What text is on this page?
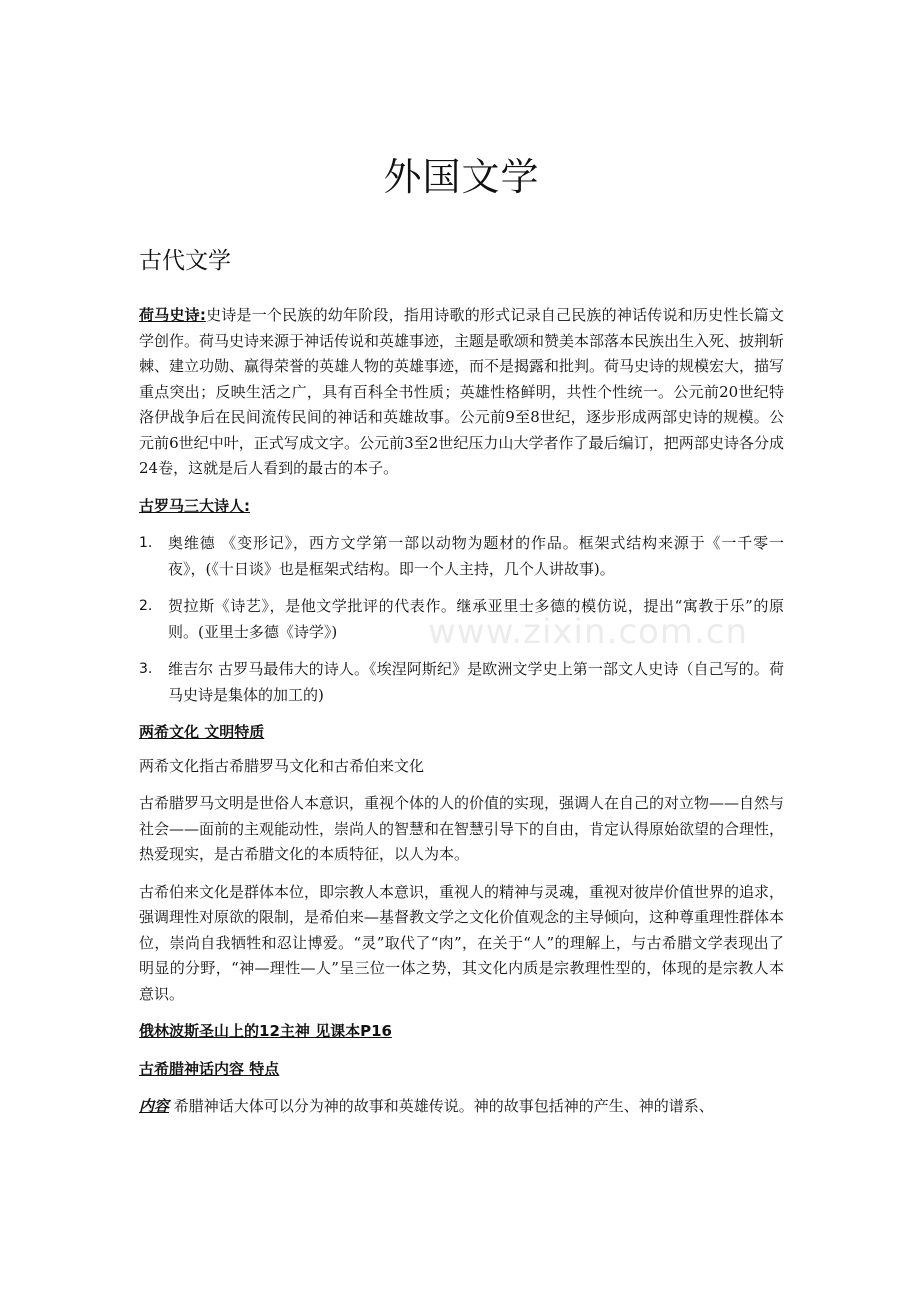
外国文学
古代文学

荷马史诗:史诗是一个民族的幼年阶段，指用诗歌的形式记录自己民族的神话传说和历史性长篇文学创作。荷马史诗来源于神话传说和英雄事迹，主题是歌颂和赞美本部落本民族出生入死、披荆斩棘、建立功勋、赢得荣誉的英雄人物的英雄事迹，而不是揭露和批判。荷马史诗的规模宏大，描写重点突出；反映生活之广，具有百科全书性质；英雄性格鲜明，共性个性统一。公元前20世纪特洛伊战争后在民间流传民间的神话和英雄故事。公元前9至8世纪，逐步形成两部史诗的规模。公元前6世纪中叶，正式写成文字。公元前3至2世纪压力山大学者作了最后编订，把两部史诗各分成24卷，这就是后人看到的最古的本子。

古罗马三大诗人:
1. 奥维德 《变形记》，西方文学第一部以动物为题材的作品。框架式结构来源于《一千零一夜》，(《十日谈》也是框架式结构。即一个人主持，几个人讲故事)。
2. 贺拉斯《诗艺》，是他文学批评的代表作。继承亚里士多德的模仿说，提出“寓教于乐”的原则。(亚里士多德《诗学》)
3. 维吉尔 古罗马最伟大的诗人。《埃涅阿斯纪》是欧洲文学史上第一部文人史诗（自己写的。荷马史诗是集体的加工的)
两希文化 文明特质

两希文化指古希腊罗马文化和古希伯来文化

古希腊罗马文明是世俗人本意识，重视个体的人的价值的实现，强调人在自己的对立物——自然与社会——面前的主观能动性，崇尚人的智慧和在智慧引导下的自由，肯定认得原始欲望的合理性，热爱现实，是古希腊文化的本质特征，以人为本。

古希伯来文化是群体本位，即宗教人本意识，重视人的精神与灵魂，重视对彼岸价值世界的追求，强调理性对原欲的限制，是希伯来—基督教文学之文化价值观念的主导倾向，这种尊重理性群体本位，崇尚自我牺牲和忍让博爱。“灵”取代了“肉”，在关于“人”的理解上，与古希腊文学表现出了明显的分野，“神—理性—人”呈三位一体之势，其文化内质是宗教理性型的，体现的是宗教人本意识。

俄林波斯圣山上的12主神 见课本P16
古希腊神话内容 特点

内容 希腊神话大体可以分为神的故事和英雄传说。神的故事包括神的产生、神的谱系、

www.zixin.com.cn
